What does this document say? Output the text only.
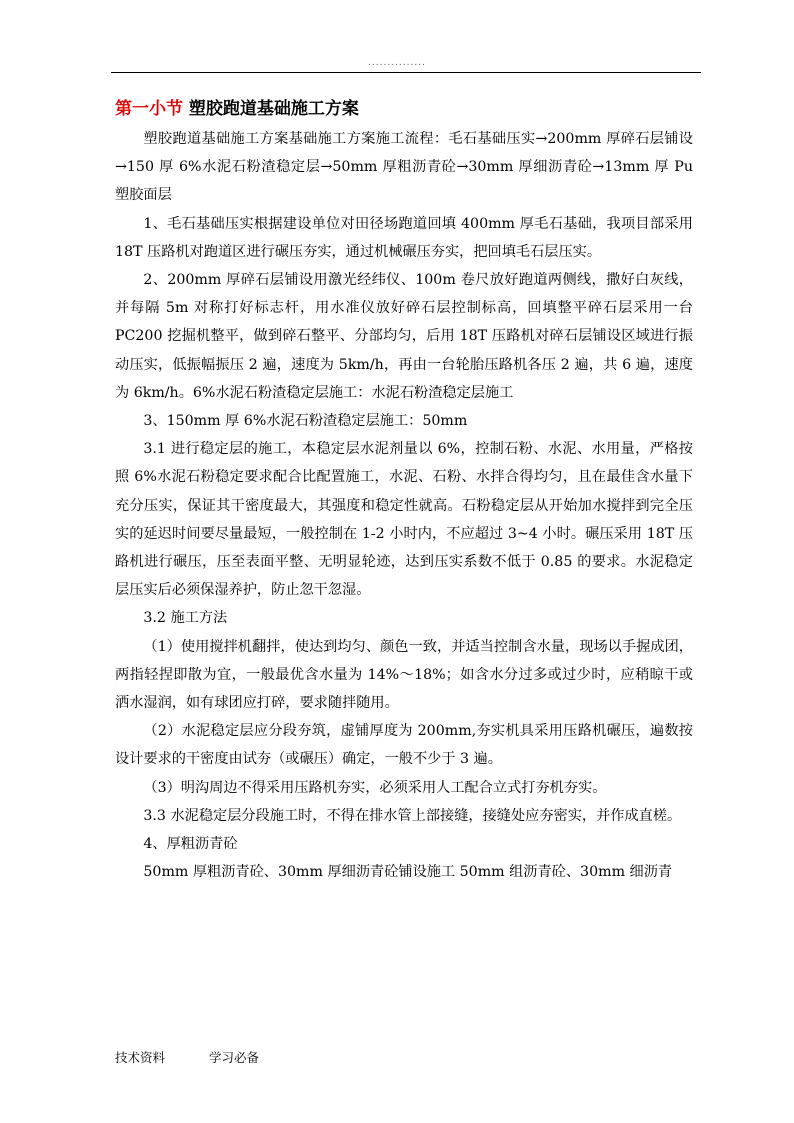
...............
第一小节 塑胶跑道基础施工方案

塑胶跑道基础施工方案基础施工方案施工流程：毛石基础压实→200mm 厚碎石层铺设→150 厚 6%水泥石粉渣稳定层→50mm 厚粗沥青砼→30mm 厚细沥青砼→13mm 厚 Pu 塑胶面层

1、毛石基础压实根据建设单位对田径场跑道回填 400mm 厚毛石基础，我项目部采用 18T 压路机对跑道区进行碾压夯实，通过机械碾压夯实，把回填毛石层压实。

2、200mm 厚碎石层铺设用激光经纬仪、100m 卷尺放好跑道两侧线，撒好白灰线，并每隔 5m 对称打好标志杆，用水准仪放好碎石层控制标高，回填整平碎石层采用一台 PC200 挖掘机整平，做到碎石整平、分部均匀，后用 18T 压路机对碎石层铺设区域进行振动压实，低振幅振压 2 遍，速度为 5km/h，再由一台轮胎压路机各压 2 遍，共 6 遍，速度为 6km/h。6%水泥石粉渣稳定层施工：水泥石粉渣稳定层施工

3、150mm 厚 6%水泥石粉渣稳定层施工：50mm

3.1 进行稳定层的施工，本稳定层水泥剂量以 6%，控制石粉、水泥、水用量，严格按照 6%水泥石粉稳定要求配合比配置施工，水泥、石粉、水拌合得均匀，且在最佳含水量下充分压实，保证其干密度最大，其强度和稳定性就高。石粉稳定层从开始加水搅拌到完全压实的延迟时间要尽量最短，一般控制在 1-2 小时内，不应超过 3~4 小时。碾压采用 18T 压路机进行碾压，压至表面平整、无明显轮迹，达到压实系数不低于 0.85 的要求。水泥稳定层压实后必须保湿养护，防止忽干忽湿。

3.2 施工方法

（1）使用搅拌机翻拌，使达到均匀、颜色一致，并适当控制含水量，现场以手握成团，两指轻捏即散为宜，一般最优含水量为 14%～18%；如含水分过多或过少时，应稍晾干或洒水湿润，如有球团应打碎，要求随拌随用。

（2）水泥稳定层应分段夯筑，虚铺厚度为 200mm,夯实机具采用压路机碾压，遍数按设计要求的干密度由试夯（或碾压）确定，一般不少于 3 遍。

（3）明沟周边不得采用压路机夯实，必须采用人工配合立式打夯机夯实。

3.3 水泥稳定层分段施工时，不得在排水管上部接缝，接缝处应夯密实，并作成直槎。

4、厚粗沥青砼

50mm 厚粗沥青砼、30mm 厚细沥青砼铺设施工 50mm 组沥青砼、30mm 细沥青

技术资料	学习必备
